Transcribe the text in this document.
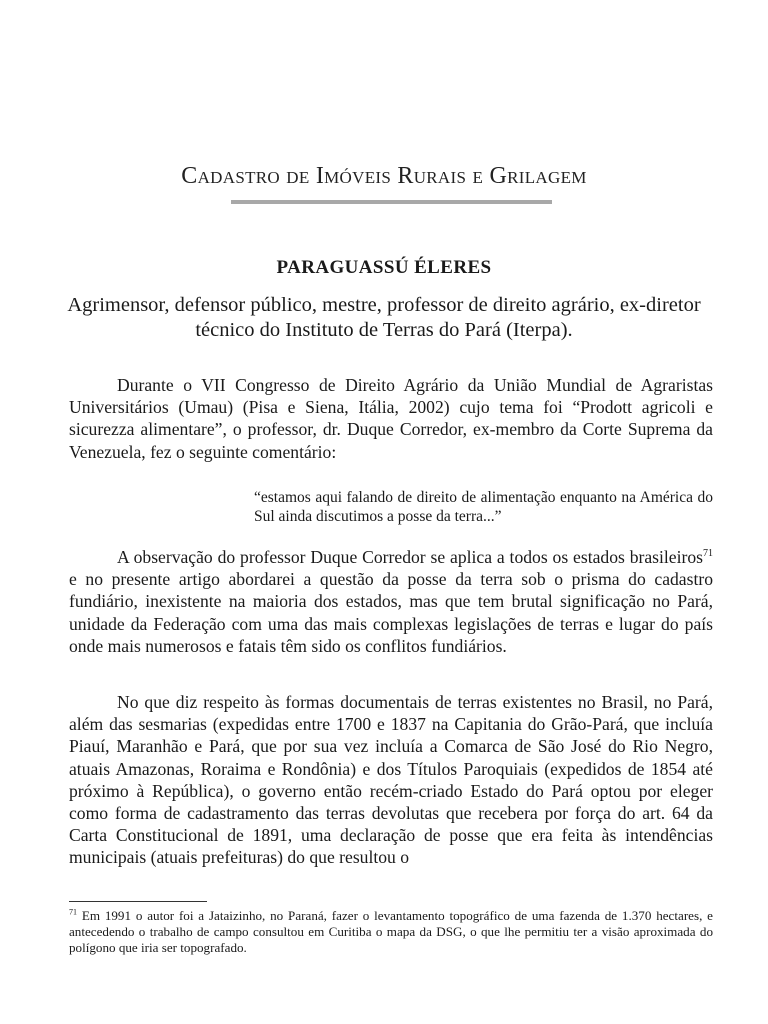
Cadastro de Imóveis Rurais e Grilagem
PARAGUASSÚ ÉLERES
Agrimensor, defensor público, mestre, professor de direito agrário, ex-diretor técnico do Instituto de Terras do Pará (Iterpa).

Durante o VII Congresso de Direito Agrário da União Mundial de Agraristas Universitários (Umau) (Pisa e Siena, Itália, 2002) cujo tema foi “Prodott agricoli e sicurezza alimentare”, o professor, dr. Duque Corredor, ex-membro da Corte Suprema da Venezuela, fez o seguinte comentário:

“estamos aqui falando de direito de alimentação enquanto na América do Sul ainda discutimos a posse da terra...”

A observação do professor Duque Corredor se aplica a todos os estados brasileiros$^{71}$ e no presente artigo abordarei a questão da posse da terra sob o prisma do cadastro fundiário, inexistente na maioria dos estados, mas que tem brutal significação no Pará, unidade da Federação com uma das mais complexas legislações de terras e lugar do país onde mais numerosos e fatais têm sido os conflitos fundiários.

No que diz respeito às formas documentais de terras existentes no Brasil, no Pará, além das sesmarias (expedidas entre 1700 e 1837 na Capitania do Grão-Pará, que incluía Piauí, Maranhão e Pará, que por sua vez incluía a Comarca de São José do Rio Negro, atuais Amazonas, Roraima e Rondônia) e dos Títulos Paroquiais (expedidos de 1854 até próximo à República), o governo então recém-criado Estado do Pará optou por eleger como forma de cadastramento das terras devolutas que recebera por força do art. 64 da Carta Constitucional de 1891, uma declaração de posse que era feita às intendências municipais (atuais prefeituras) do que resultou o

$^{71}$ Em 1991 o autor foi a Jataizinho, no Paraná, fazer o levantamento topográfico de uma fazenda de 1.370 hectares, e antecedendo o trabalho de campo consultou em Curitiba o mapa da DSG, o que lhe permitiu ter a visão aproximada do polígono que iria ser topografado.
